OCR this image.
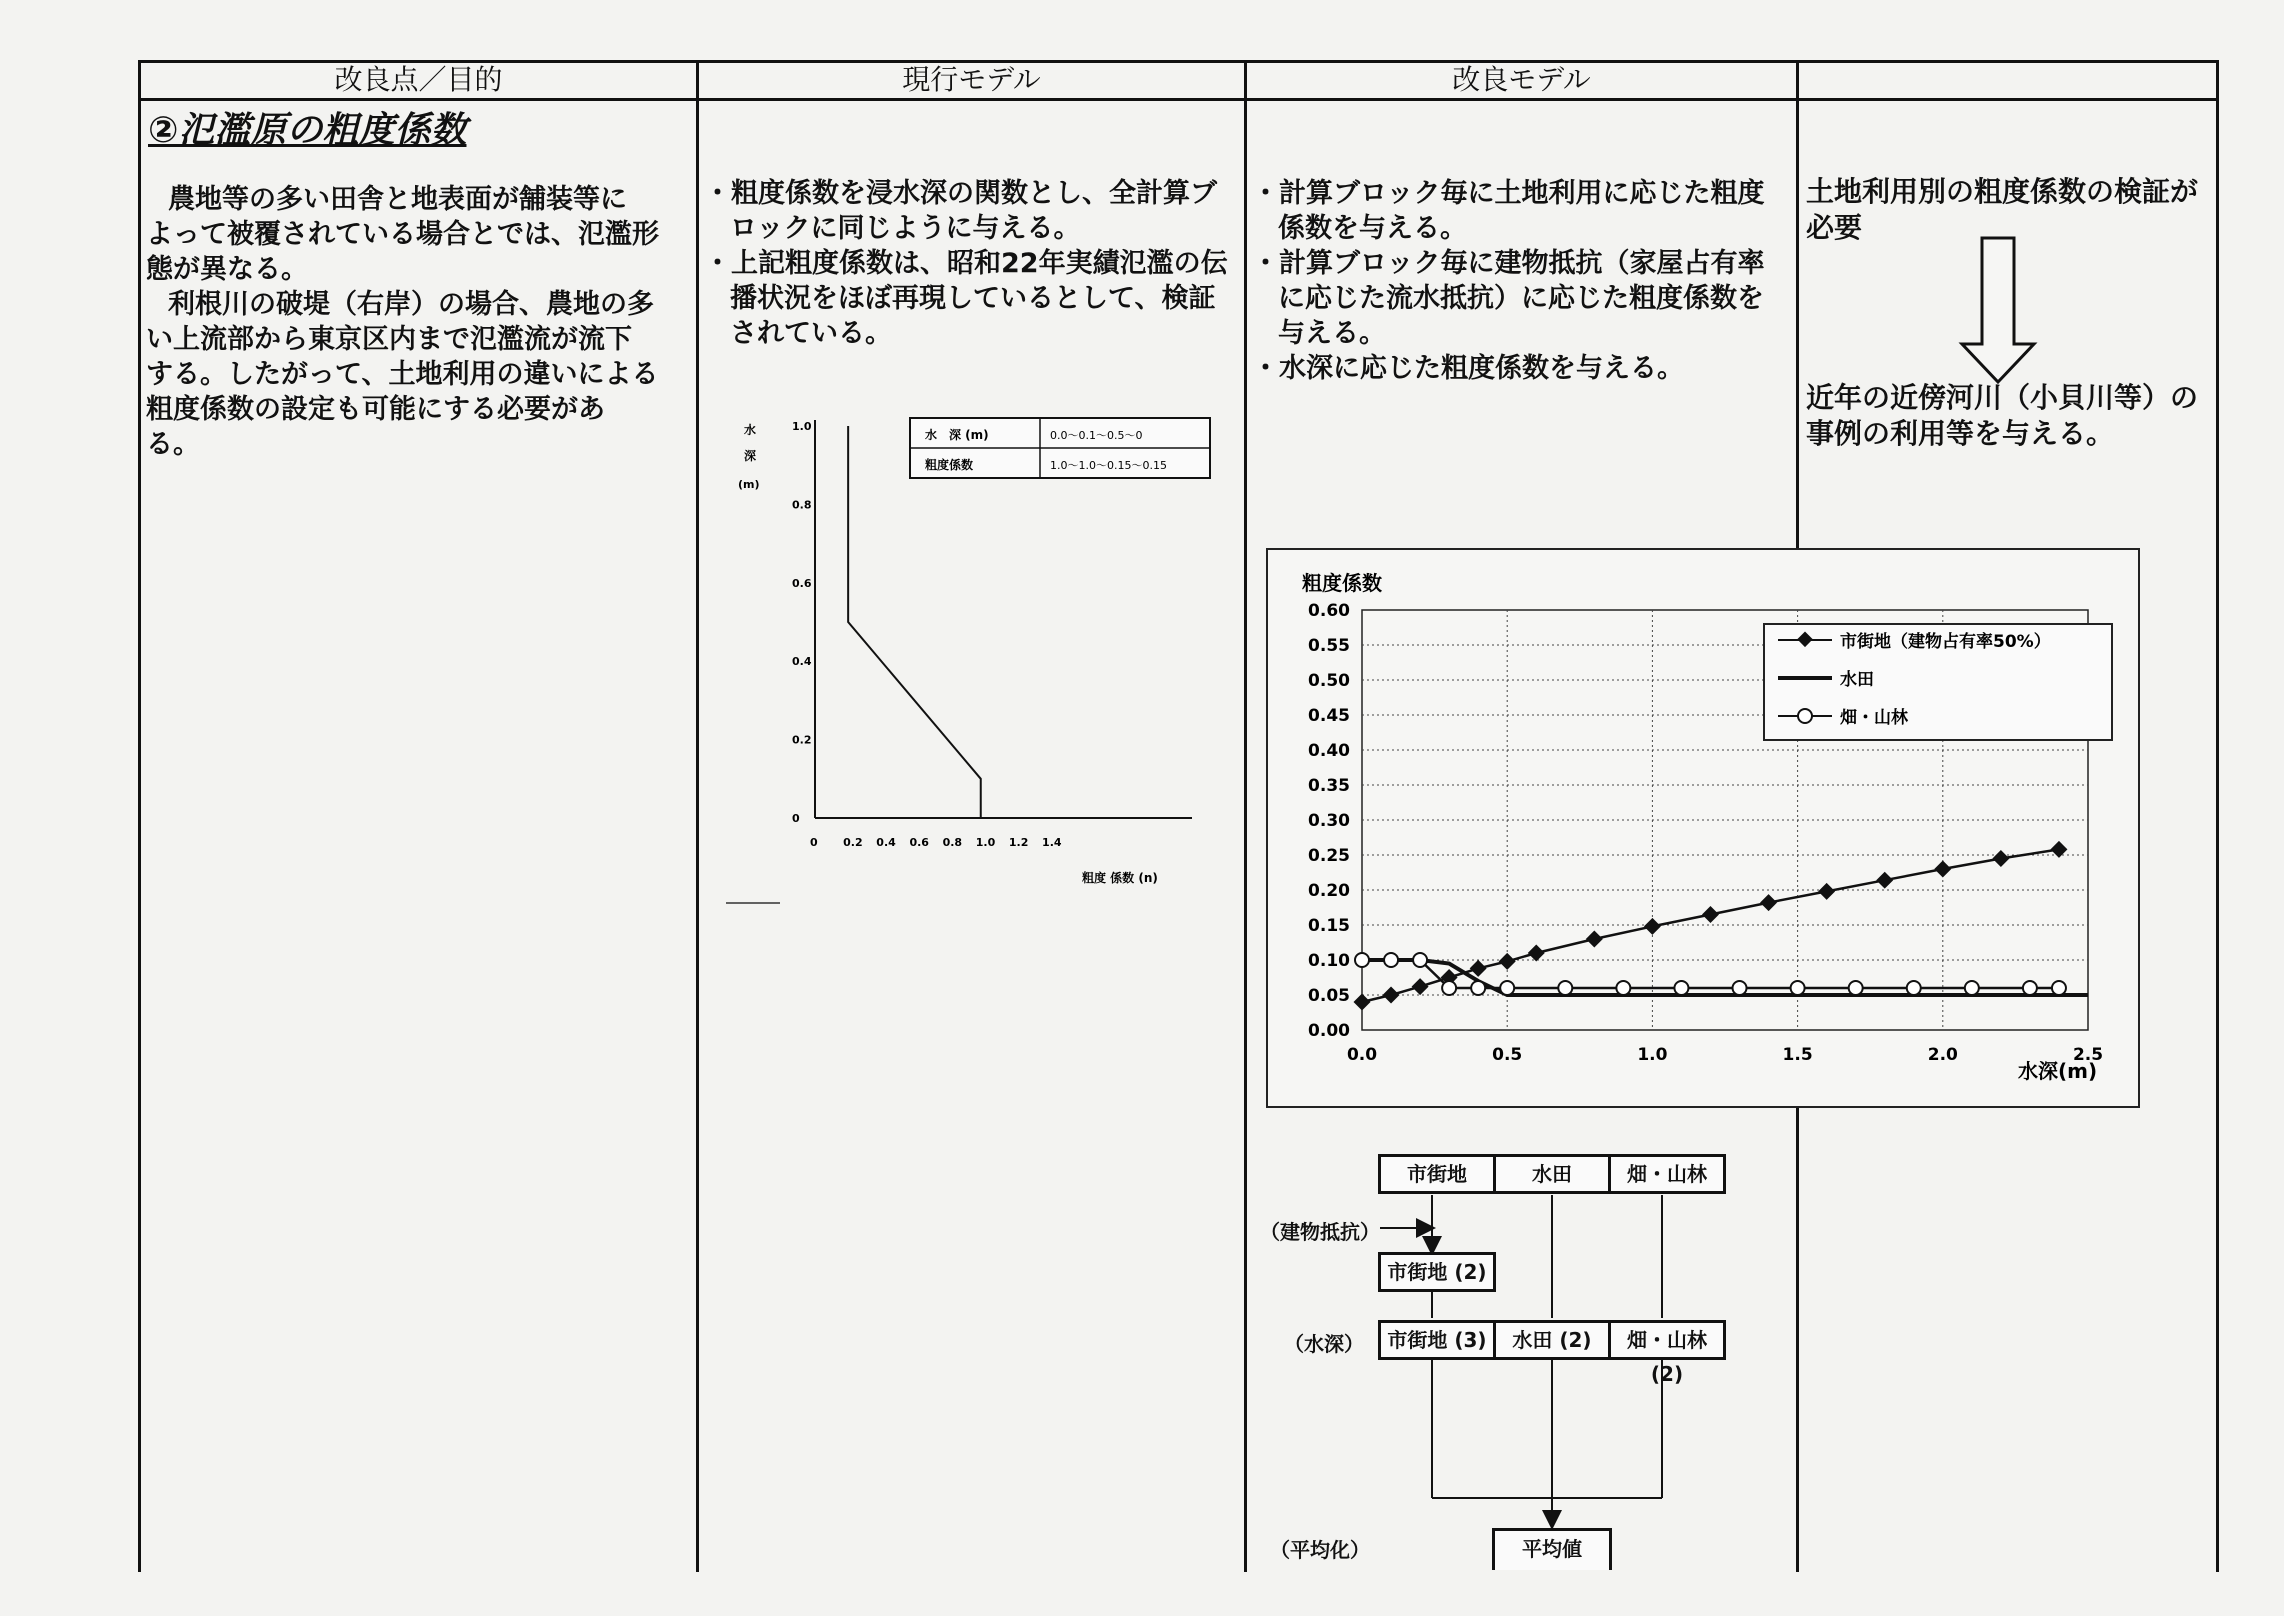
改良点／目的	現行モデル	改良モデル
②氾濫原の粗度係数
農地等の多い田舎と地表面が舗装等に
よって被覆されている場合とでは、氾濫形
態が異なる。
利根川の破堤（右岸）の場合、農地の多
い上流部から東京区内まで氾濫流が流下
する。したがって、土地利用の違いによる
粗度係数の設定も可能にする必要があ
る。
・ 粗度係数を浸水深の関数とし、全計算ブロックに同じように与える。
・ 上記粗度係数は、昭和22年実績氾濫の伝播状況をほぼ再現しているとして、検証されている。
0
0.2
0.4
0.6
0.8
1.0
0 0.2 0.4 0.6 0.8 1.0 1.2 1.4
水
深
(m)
粗度 係数 (n)
水　深 (m)	0.0〜0.1〜0.5〜0
粗度係数	1.0〜1.0〜0.15〜0.15
・ 計算ブロック毎に土地利用に応じた粗度係数を与える。
・ 計算ブロック毎に建物抵抗（家屋占有率に応じた流水抵抗）に応じた粗度係数を与える。
・ 水深に応じた粗度係数を与える。
粗度係数
0.00
0.05
0.10
0.15
0.20
0.25
0.30
0.35
0.40
0.45
0.50
0.55
0.60
0.0	0.5	1.0	1.5	2.0	2.5
水深(m)
市街地（建物占有率50%）
水田
畑・山林
市街地	水田	畑・山林
（建物抵抗）
市街地 (2)
（水深）	市街地 (3)	水田 (2)	畑・山林 (2)
（平均化）	平均値
土地利用別の粗度係数の検証が必要
近年の近傍河川（小貝川等）の事例の利用等を与える。
